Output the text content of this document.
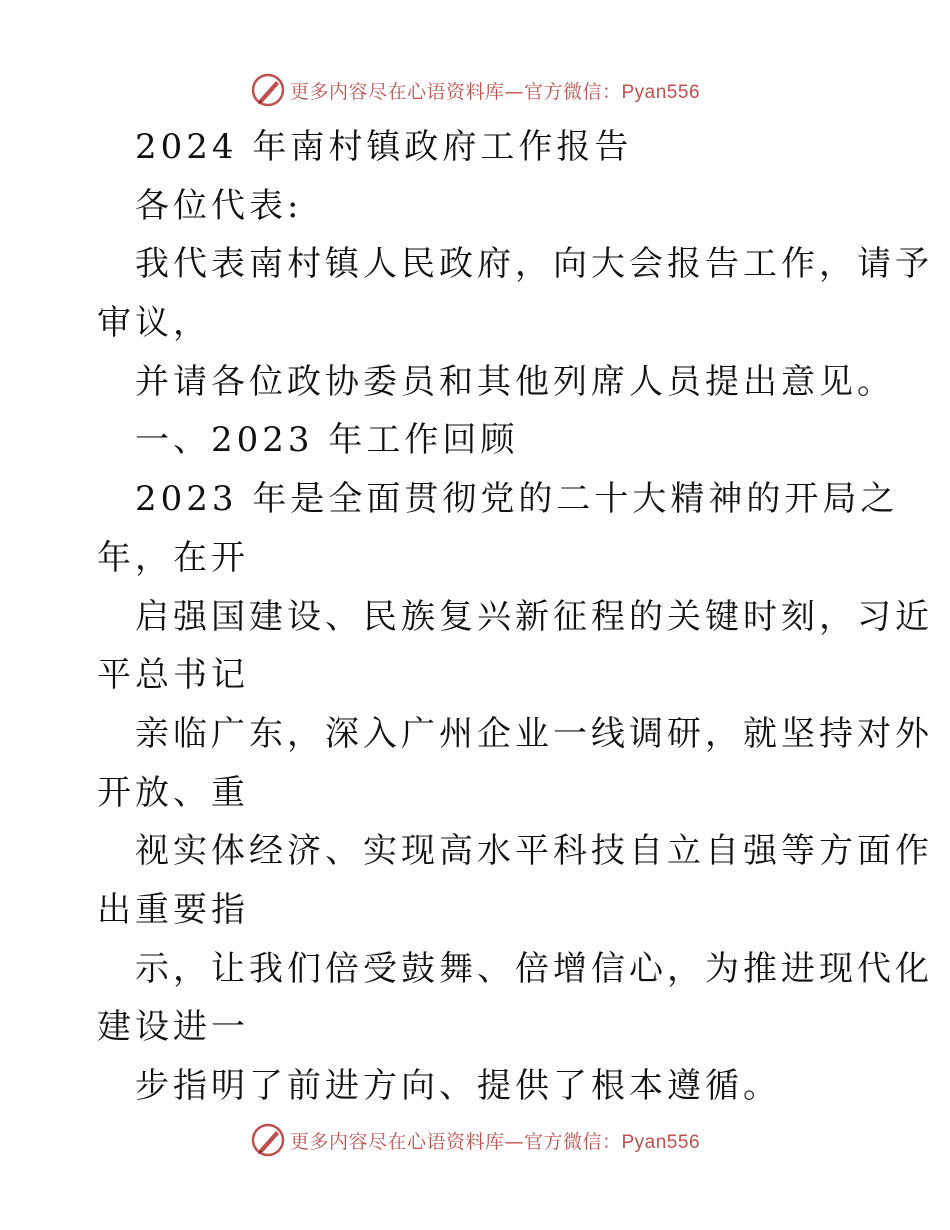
更多内容尽在心语资料库—官方微信：Pyan556
2024 年南村镇政府工作报告
各位代表:
我代表南村镇人民政府，向大会报告工作，请予
审议，
并请各位政协委员和其他列席人员提出意见。
一、2023 年工作回顾
2023 年是全面贯彻党的二十大精神的开局之
年，在开
启强国建设、民族复兴新征程的关键时刻，习近
平总书记
亲临广东，深入广州企业一线调研，就坚持对外
开放、重
视实体经济、实现高水平科技自立自强等方面作
出重要指
示，让我们倍受鼓舞、倍增信心，为推进现代化
建设进一
步指明了前进方向、提供了根本遵循。
更多内容尽在心语资料库—官方微信：Pyan556
